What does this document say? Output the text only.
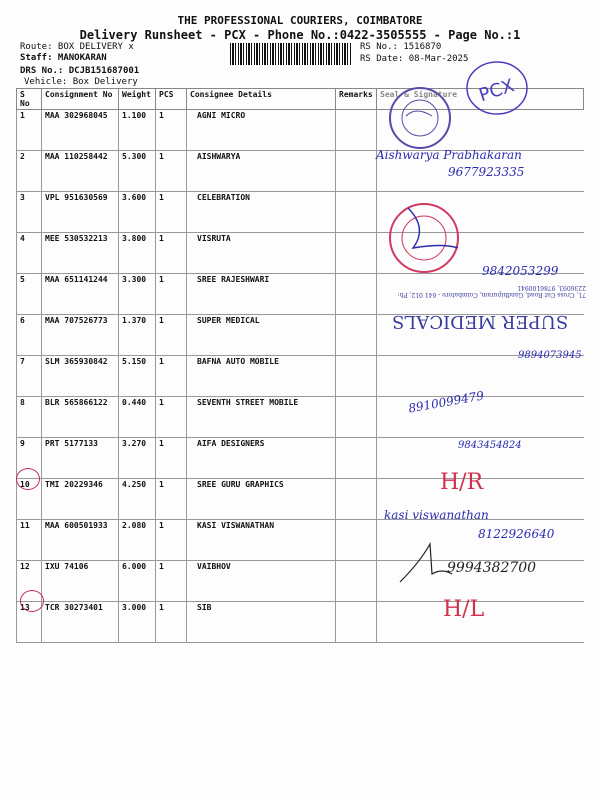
THE PROFESSIONAL COURIERS, COIMBATORE
Delivery Runsheet - PCX - Phone No.:0422-3505555 - Page No.:1
Route: BOX DELIVERY x
Staff: MANOKARAN
DRS No.: DCJB151687001
Vehicle: Box Delivery
RS No.: 1516870
RS Date: 08-Mar-2025
S No	Consignment No	Weight	PCS	Consignee Details	Remarks	Seal & Signature
1	MAA 302968045	1.100	1	AGNI MICRO		
2	MAA 110258442	5.300	1	AISHWARYA		
3	VPL 951630569	3.600	1	CELEBRATION		
4	MEE 530532213	3.800	1	VISRUTA		
5	MAA 651141244	3.300	1	SREE RAJESHWARI		
6	MAA 707526773	1.370	1	SUPER MEDICAL		
7	SLM 365930842	5.150	1	BAFNA AUTO MOBILE		
8	BLR 565866122	0.440	1	SEVENTH STREET MOBILE		
9	PRT 5177133	3.270	1	AIFA DESIGNERS		
10	TMI 20229346	4.250	1	SREE GURU GRAPHICS		
11	MAA 600501933	2.080	1	KASI VISWANATHAN		
12	IXU 74106	6.000	1	VAIBHOV		
13	TCR 30273401	3.000	1	SIB		
PCX
SUPER MEDICALS
71, Cross Cut Road, Gandhipuram, Coimbatore - 641 012, Ph: 2236093, 9786100941
Aishwarya Prabhakaran
9677923335
9842053299
9894073945
8910099479
9843454824
H/R
kasi viswanathan
8122926640
9994382700
H/L
